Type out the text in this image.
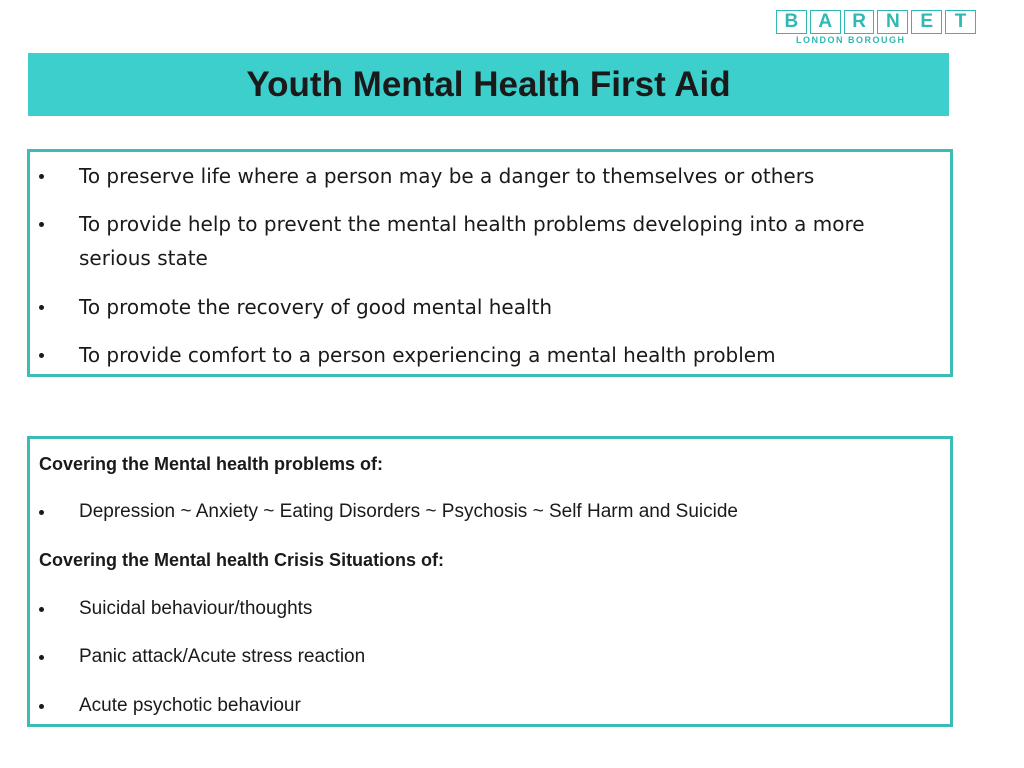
B	A	R	N	E	T
LONDON BOROUGH
Youth Mental Health First Aid
To preserve life where a person may be a danger to themselves or others
To provide help to prevent the mental health problems developing into a more serious state
To promote the recovery of good mental health
To provide comfort to a person experiencing a mental health problem
Covering the Mental health problems of:
Depression ~ Anxiety ~ Eating Disorders ~ Psychosis ~ Self Harm and Suicide
Covering the Mental health Crisis Situations of:
Suicidal behaviour/thoughts
Panic attack/Acute stress reaction
Acute psychotic behaviour
